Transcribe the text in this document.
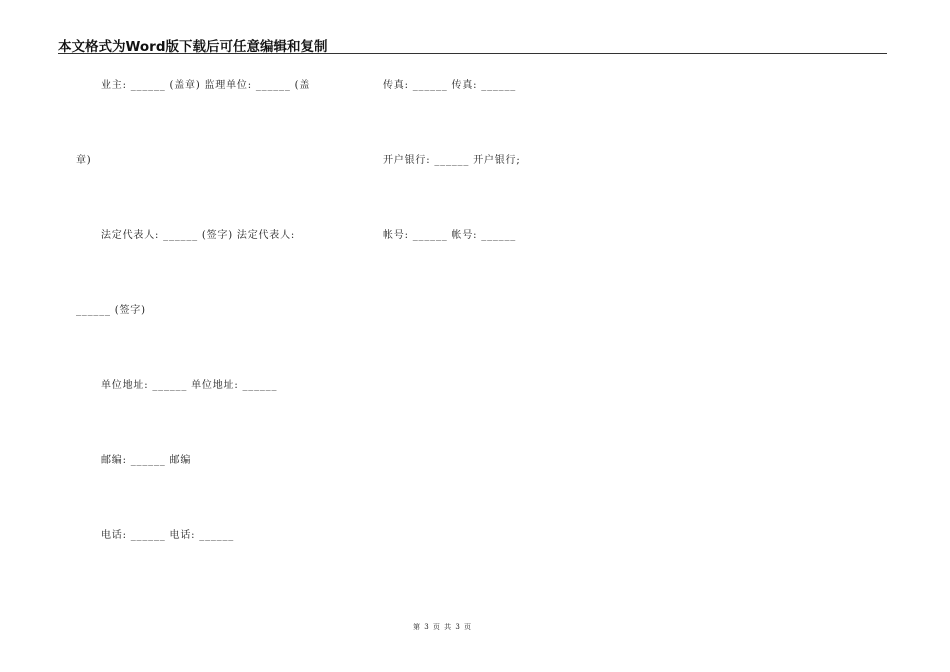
本文格式为Word版下载后可任意编辑和复制
业主: ______ (盖章) 监理单位: ______ (盖	传真: ______ 传真: ______
章)	开户银行: ______ 开户银行;
法定代表人: ______ (签字) 法定代表人:	帐号: ______ 帐号: ______
______ (签字)
单位地址: ______ 单位地址: ______
邮编: ______ 邮编
电话: ______ 电话: ______
第 3 页 共 3 页
